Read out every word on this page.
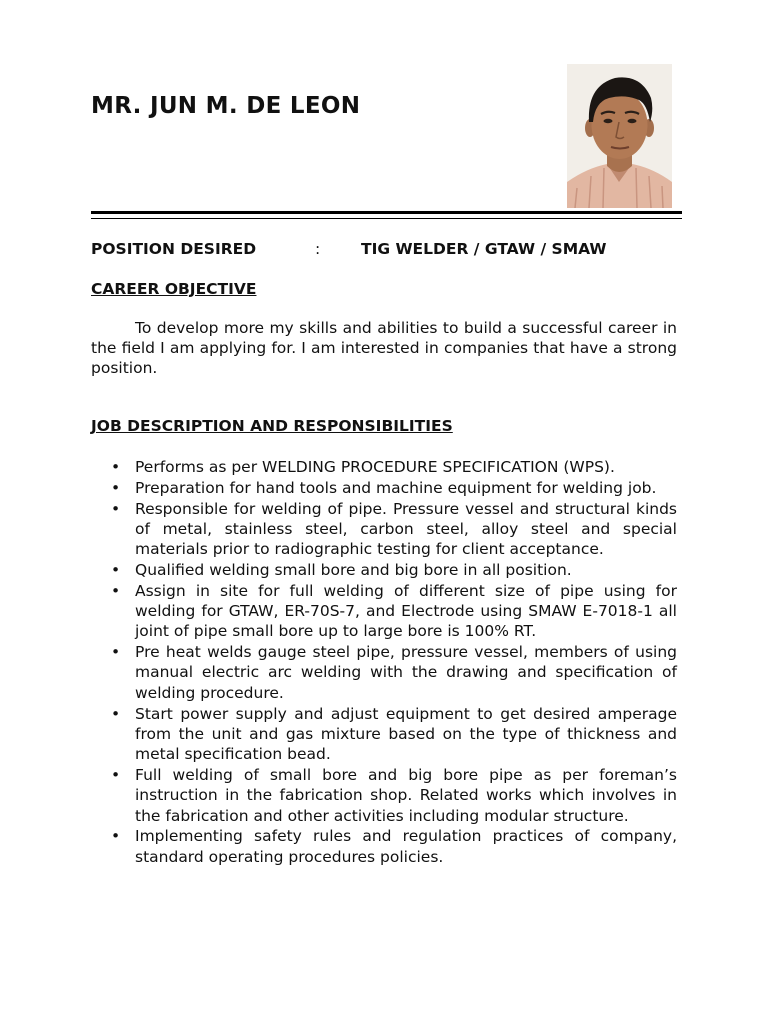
MR. JUN M. DE LEON
POSITION DESIRED	:	TIG WELDER / GTAW / SMAW
CAREER OBJECTIVE

To develop more my skills and abilities to build a successful career in the field I am applying for. I am interested in companies that have a strong position.

JOB DESCRIPTION AND RESPONSIBILITIES
• Performs as per WELDING PROCEDURE SPECIFICATION (WPS).
• Preparation for hand tools and machine equipment for welding job.
• Responsible for welding of pipe. Pressure vessel and structural kinds of metal, stainless steel, carbon steel, alloy steel and special materials prior to radiographic testing for client acceptance.
• Qualified welding small bore and big bore in all position.
• Assign in site for full welding of different size of pipe using for welding for GTAW, ER-70S-7, and Electrode using SMAW E-7018-1 all joint of pipe small bore up to large bore is 100% RT.
• Pre heat welds gauge steel pipe, pressure vessel, members of using manual electric arc welding with the drawing and specification of welding procedure.
• Start power supply and adjust equipment to get desired amperage from the unit and gas mixture based on the type of thickness and metal specification bead.
• Full welding of small bore and big bore pipe as per foreman’s instruction in the fabrication shop. Related works which involves in the fabrication and other activities including modular structure.
• Implementing safety rules and regulation practices of company, standard operating procedures policies.
